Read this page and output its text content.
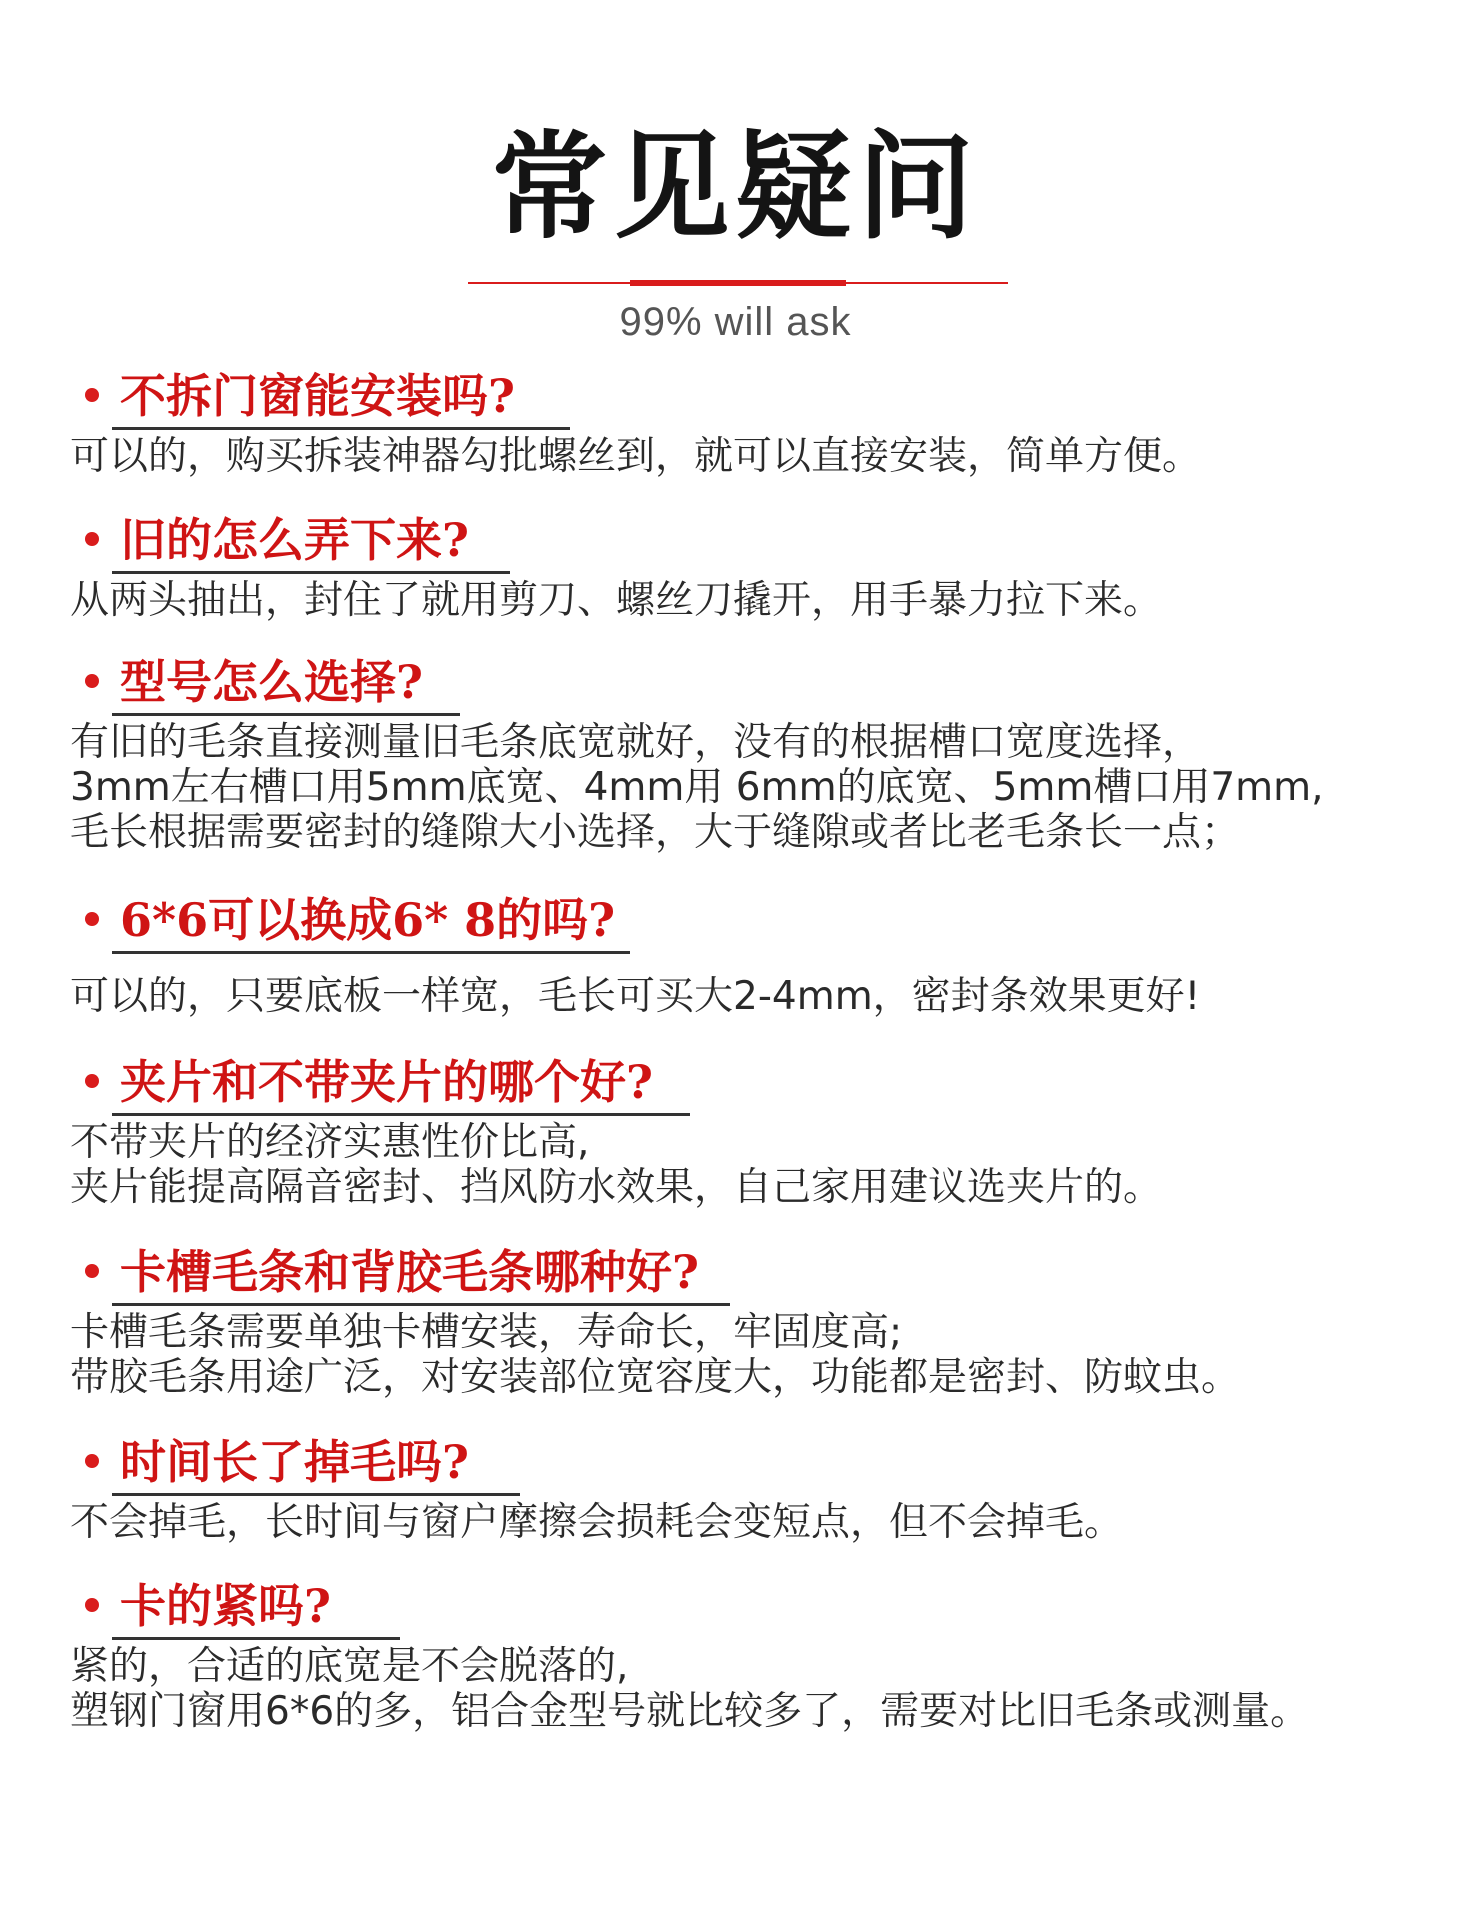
常见疑问
99% will ask
不拆门窗能安装吗?
可以的，购买拆装神器勾批螺丝到，就可以直接安装，简单方便。
旧的怎么弄下来?
从两头抽出，封住了就用剪刀、螺丝刀撬开，用手暴力拉下来。
型号怎么选择?
有旧的毛条直接测量旧毛条底宽就好，没有的根据槽口宽度选择，
3mm左右槽口用5mm底宽、4mm用 6mm的底宽、5mm槽口用7mm,
毛长根据需要密封的缝隙大小选择，大于缝隙或者比老毛条长一点；
6*6可以换成6* 8的吗?
可以的，只要底板一样宽，毛长可买大2-4mm，密封条效果更好!
夹片和不带夹片的哪个好?
不带夹片的经济实惠性价比高,
夹片能提高隔音密封、挡风防水效果，自己家用建议选夹片的。
卡槽毛条和背胶毛条哪种好?
卡槽毛条需要单独卡槽安装，寿命长，牢固度高;
带胶毛条用途广泛，对安装部位宽容度大，功能都是密封、防蚊虫。
时间长了掉毛吗?
不会掉毛，长时间与窗户摩擦会损耗会变短点，但不会掉毛。
卡的紧吗?
紧的，合适的底宽是不会脱落的,
塑钢门窗用6*6的多，铝合金型号就比较多了，需要对比旧毛条或测量。
